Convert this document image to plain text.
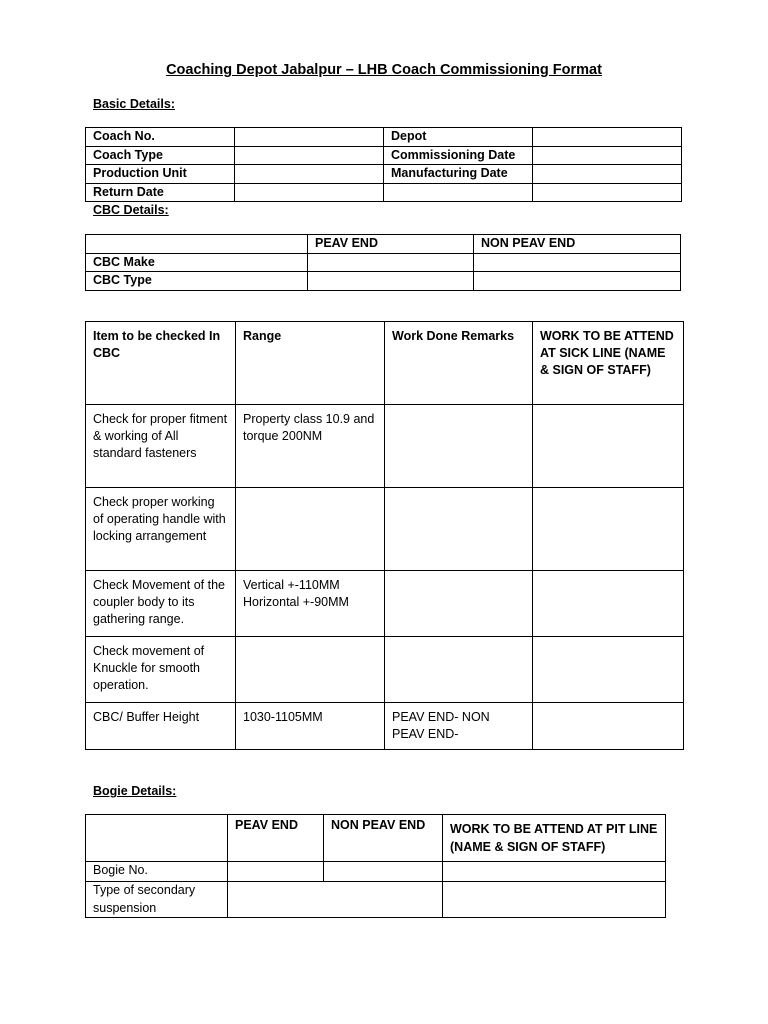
Coaching Depot Jabalpur – LHB Coach Commissioning Format
Basic Details:
Coach No.		Depot	
Coach Type		Commissioning Date	
Production Unit		Manufacturing Date	
Return Date			
CBC Details:
	PEAV END	NON PEAV END
CBC Make		
CBC Type		
Item to be checked In CBC	Range	Work Done Remarks	WORK TO BE ATTEND AT SICK LINE (NAME & SIGN OF STAFF)
Check for proper fitment & working of All standard fasteners	Property class 10.9 and torque 200NM		
Check proper working of operating handle with locking arrangement			
Check Movement of the coupler body to its gathering range.	Vertical +-110MM Horizontal +-90MM		
Check movement of Knuckle for smooth operation.			
CBC/ Buffer Height	1030-1105MM	PEAV END- NON PEAV END-	
Bogie Details:
	PEAV END	NON PEAV END	WORK TO BE ATTEND AT PIT LINE (NAME & SIGN OF STAFF)
Bogie No.			
Type of secondary suspension			
